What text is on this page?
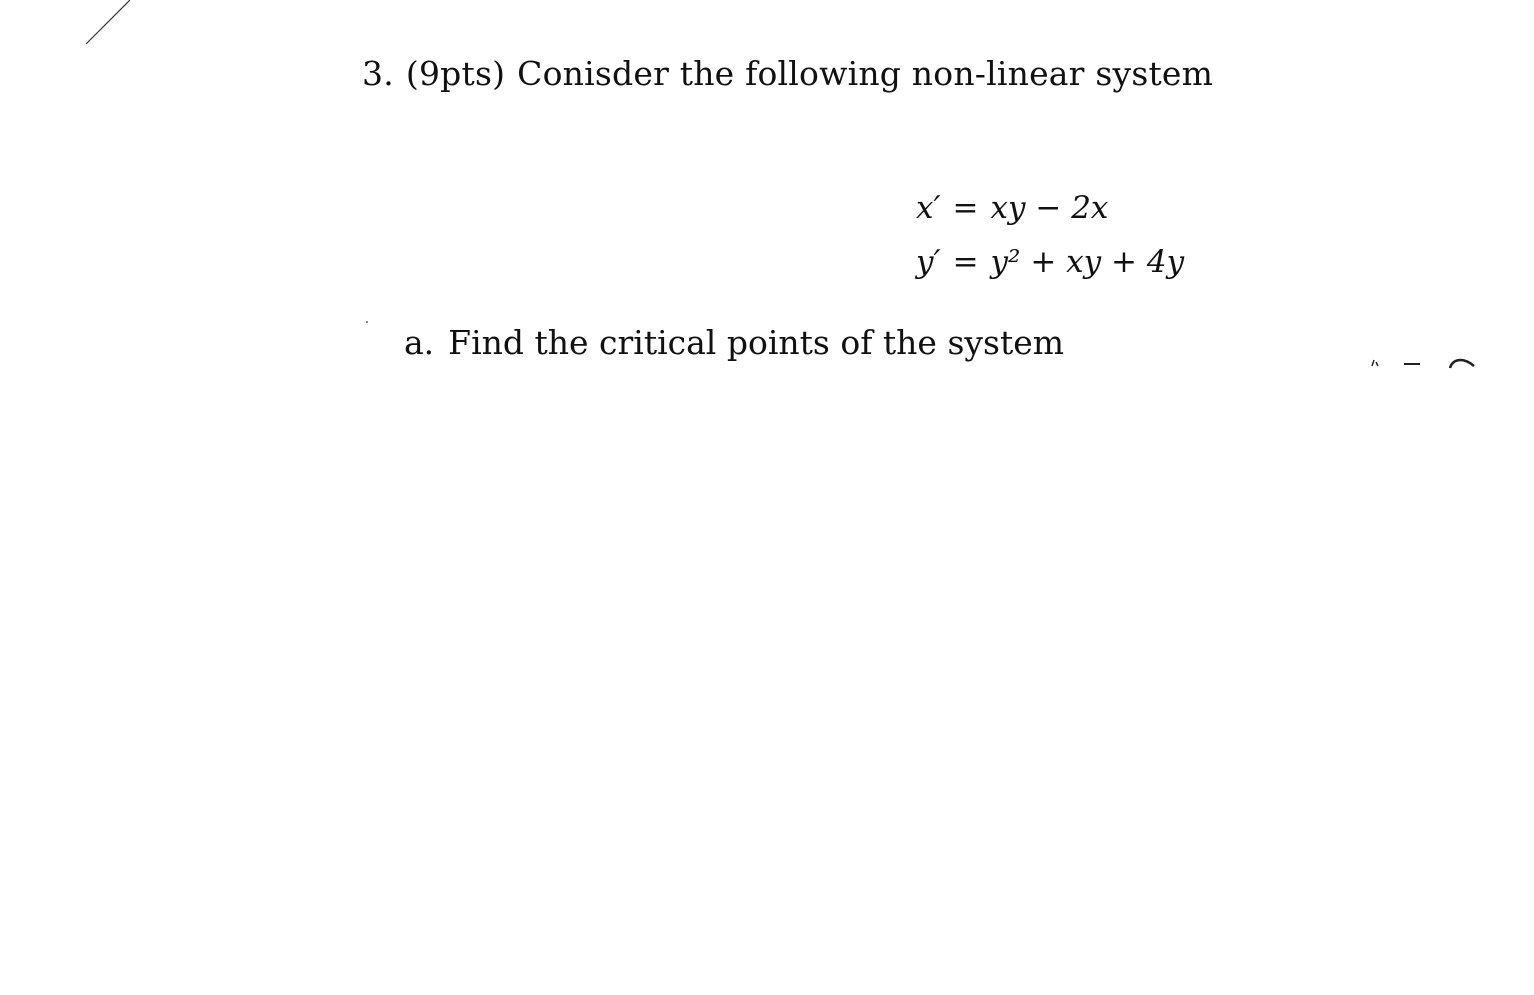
3. (9pts) Conisder the following non-linear system
x′ = xy − 2x
y′ = y² + xy + 4y
a. Find the critical points of the system
